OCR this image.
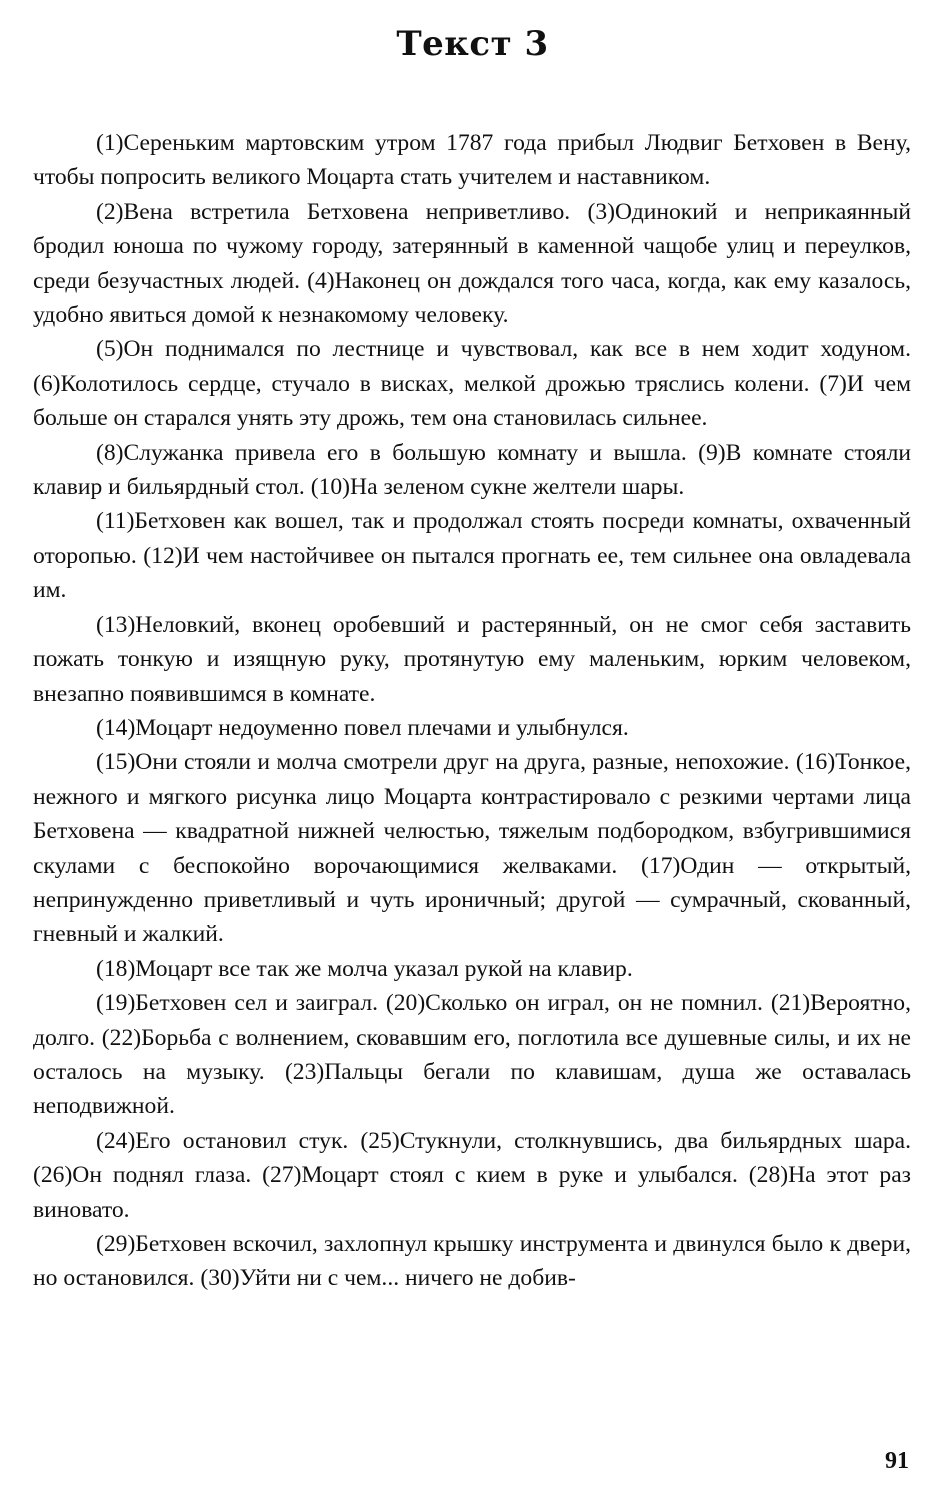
Текст 3

(1)Сереньким мартовским утром 1787 года прибыл Людвиг Бетховен в Вену, чтобы попросить великого Моцарта стать учителем и наставником.

(2)Вена встретила Бетховена неприветливо. (3)Одинокий и неприкаянный бродил юноша по чужому городу, затерянный в каменной чащобе улиц и переулков, среди безучастных людей. (4)Наконец он дождался того часа, когда, как ему казалось, удобно явиться домой к незнакомому человеку.

(5)Он поднимался по лестнице и чувствовал, как все в нем ходит ходуном. (6)Колотилось сердце, стучало в висках, мелкой дрожью тряслись колени. (7)И чем больше он старался унять эту дрожь, тем она становилась сильнее.

(8)Служанка привела его в большую комнату и вышла. (9)В комнате стояли клавир и бильярдный стол. (10)На зеленом сукне желтели шары.

(11)Бетховен как вошел, так и продолжал стоять посреди комнаты, охваченный оторопью. (12)И чем настойчивее он пытался прогнать ее, тем сильнее она овладевала им.

(13)Неловкий, вконец оробевший и растерянный, он не смог себя заставить пожать тонкую и изящную руку, протянутую ему маленьким, юрким человеком, внезапно появившимся в комнате.

(14)Моцарт недоуменно повел плечами и улыбнулся.

(15)Они стояли и молча смотрели друг на друга, разные, непохожие. (16)Тонкое, нежного и мягкого рисунка лицо Моцарта контрастировало с резкими чертами лица Бетховена — квадратной нижней челюстью, тяжелым подбородком, взбугрившимися скулами с беспокойно ворочающимися желваками. (17)Один — открытый, непринужденно приветливый и чуть ироничный; другой — сумрачный, скованный, гневный и жалкий.

(18)Моцарт все так же молча указал рукой на клавир.

(19)Бетховен сел и заиграл. (20)Сколько он играл, он не помнил. (21)Вероятно, долго. (22)Борьба с волнением, сковавшим его, поглотила все душевные силы, и их не осталось на музыку. (23)Пальцы бегали по клавишам, душа же оставалась неподвижной.

(24)Его остановил стук. (25)Стукнули, столкнувшись, два бильярдных шара. (26)Он поднял глаза. (27)Моцарт стоял с кием в руке и улыбался. (28)На этот раз виновато.

(29)Бетховен вскочил, захлопнул крышку инструмента и двинулся было к двери, но остановился. (30)Уйти ни с чем... ничего не добив-

91
